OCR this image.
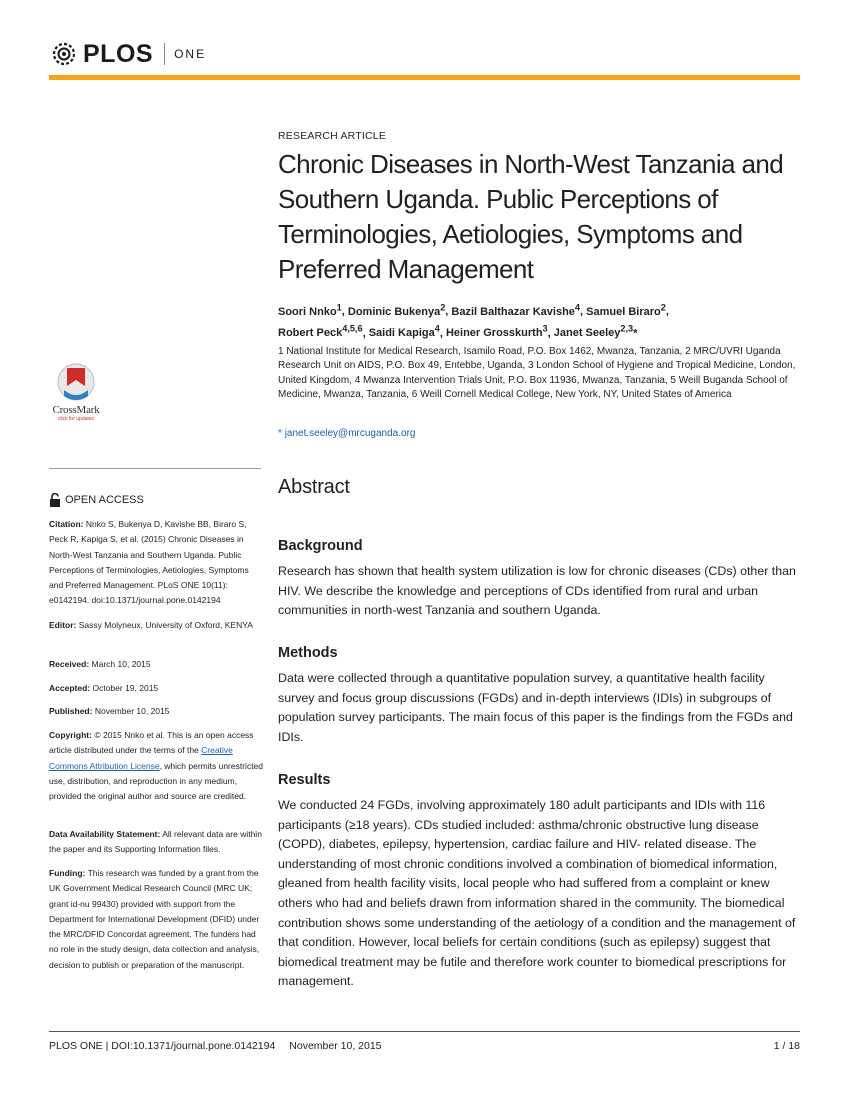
PLOS ONE
CrossMark
click for updates
OPEN ACCESS
Citation: Nnko S, Bukenya D, Kavishe BB, Biraro S, Peck R, Kapiga S, et al. (2015) Chronic Diseases in North-West Tanzania and Southern Uganda. Public Perceptions of Terminologies, Aetiologies, Symptoms and Preferred Management. PLoS ONE 10(11): e0142194. doi:10.1371/journal.pone.0142194
Editor: Sassy Molyneux, University of Oxford, KENYA
Received: March 10, 2015
Accepted: October 19, 2015
Published: November 10, 2015
Copyright: © 2015 Nnko et al. This is an open access article distributed under the terms of the Creative Commons Attribution License, which permits unrestricted use, distribution, and reproduction in any medium, provided the original author and source are credited.
Data Availability Statement: All relevant data are within the paper and its Supporting Information files.
Funding: This research was funded by a grant from the UK Government Medical Research Council (MRC UK; grant id-nu 99430) provided with support from the Department for International Development (DFID) under the MRC/DFID Concordat agreement. The funders had no role in the study design, data collection and analysis, decision to publish or preparation of the manuscript.
RESEARCH ARTICLE
Chronic Diseases in North-West Tanzania and Southern Uganda. Public Perceptions of Terminologies, Aetiologies, Symptoms and Preferred Management
Soori Nnko$^1$, Dominic Bukenya$^2$, Bazil Balthazar Kavishe$^4$, Samuel Biraro$^2$,
Robert Peck$^{4,5,6}$, Saidi Kapiga$^4$, Heiner Grosskurth$^3$, Janet Seeley$^{2,3}$*
1 National Institute for Medical Research, Isamilo Road, P.O. Box 1462, Mwanza, Tanzania, 2 MRC/UVRI Uganda Research Unit on AIDS, P.O. Box 49, Entebbe, Uganda, 3 London School of Hygiene and Tropical Medicine, London, United Kingdom, 4 Mwanza Intervention Trials Unit, P.O. Box 11936, Mwanza, Tanzania, 5 Weill Buganda School of Medicine, Mwanza, Tanzania, 6 Weill Cornell Medical College, New York, NY, United States of America
* janet.seeley@mrcuganda.org
Abstract
Background
Research has shown that health system utilization is low for chronic diseases (CDs) other than HIV. We describe the knowledge and perceptions of CDs identified from rural and urban communities in north-west Tanzania and southern Uganda.
Methods
Data were collected through a quantitative population survey, a quantitative health facility survey and focus group discussions (FGDs) and in-depth interviews (IDIs) in subgroups of population survey participants. The main focus of this paper is the findings from the FGDs and IDIs.
Results
We conducted 24 FGDs, involving approximately 180 adult participants and IDIs with 116 participants (≥18 years). CDs studied included: asthma/chronic obstructive lung disease (COPD), diabetes, epilepsy, hypertension, cardiac failure and HIV- related disease. The understanding of most chronic conditions involved a combination of biomedical information, gleaned from health facility visits, local people who had suffered from a complaint or knew others who had and beliefs drawn from information shared in the community. The biomedical contribution shows some understanding of the aetiology of a condition and the management of that condition. However, local beliefs for certain conditions (such as epilepsy) suggest that biomedical treatment may be futile and therefore work counter to biomedical prescriptions for management.
PLOS ONE | DOI:10.1371/journal.pone.0142194 November 10, 2015	1 / 18
